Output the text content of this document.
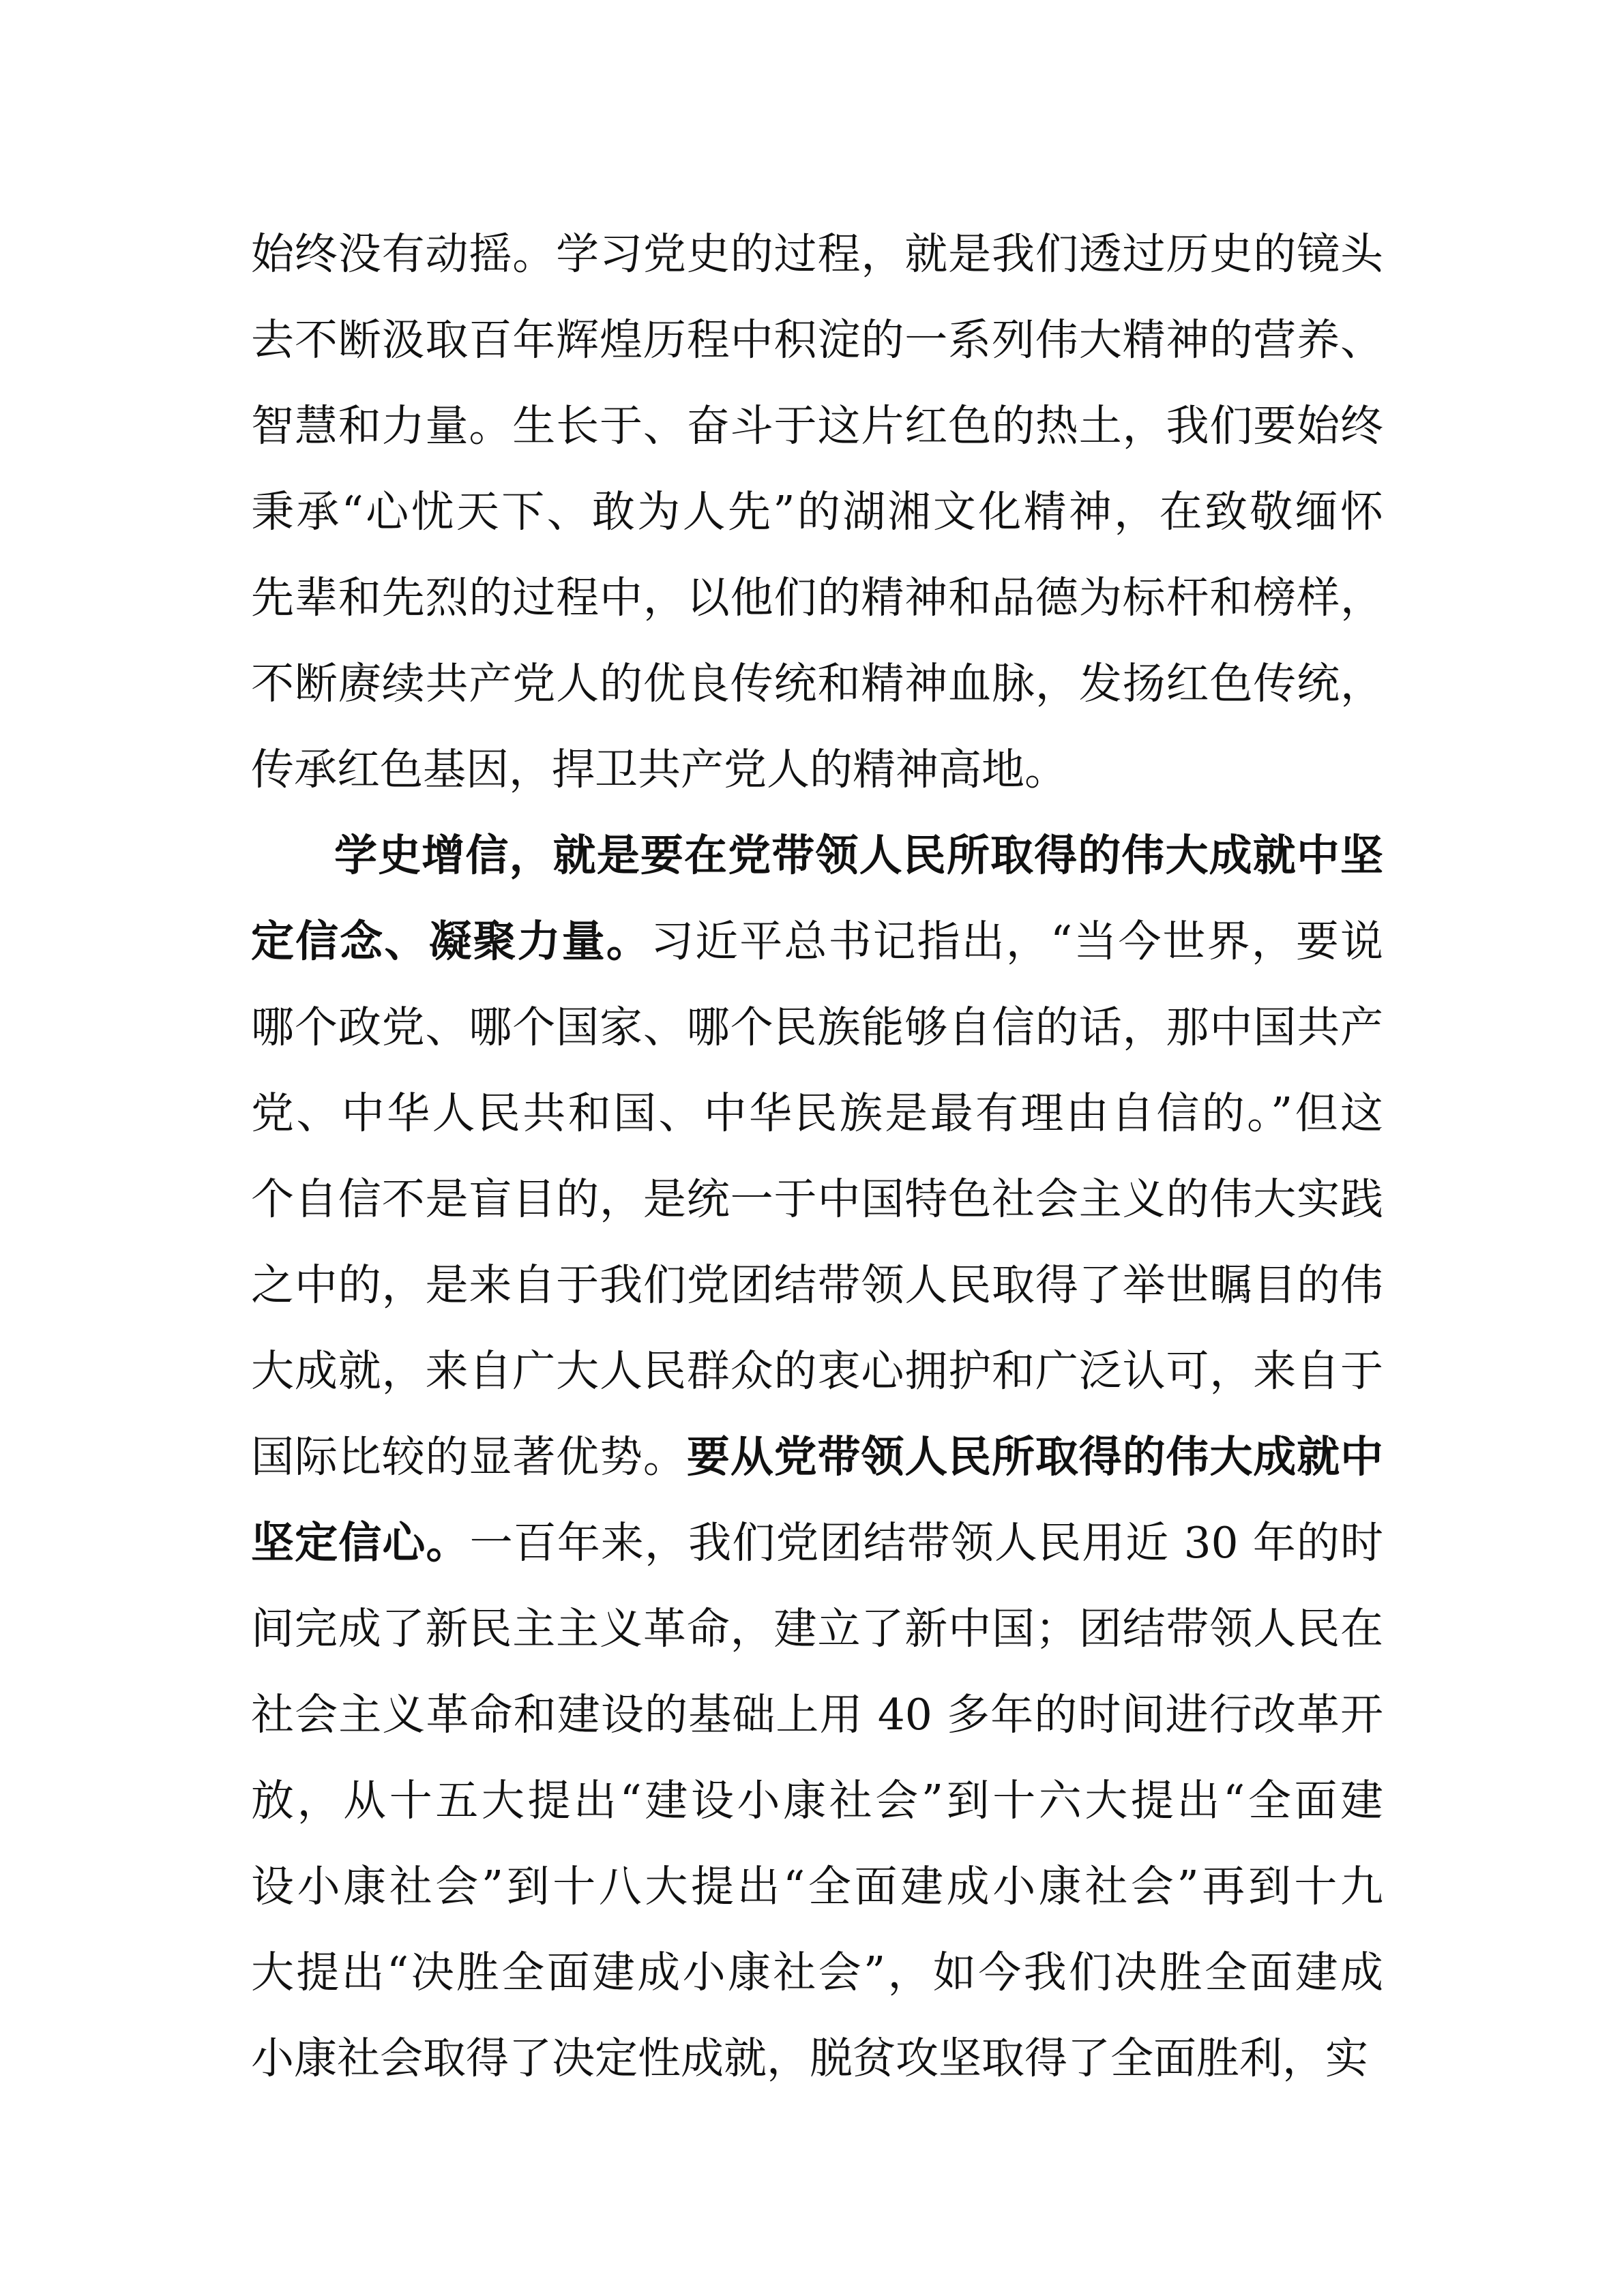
始终没有动摇。学习党史的过程，就是我们透过历史的镜头
去不断汲取百年辉煌历程中积淀的一系列伟大精神的营养、
智慧和力量。生长于、奋斗于这片红色的热土，我们要始终
秉承“心忧天下、敢为人先”的湖湘文化精神，在致敬缅怀
先辈和先烈的过程中，以他们的精神和品德为标杆和榜样，
不断赓续共产党人的优良传统和精神血脉，发扬红色传统，
传承红色基因，捍卫共产党人的精神高地。
学史增信，就是要在党带领人民所取得的伟大成就中坚
定信念、凝聚力量。习近平总书记指出，“当今世界，要说
哪个政党、哪个国家、哪个民族能够自信的话，那中国共产
党、中华人民共和国、中华民族是最有理由自信的。”但这
个自信不是盲目的，是统一于中国特色社会主义的伟大实践
之中的，是来自于我们党团结带领人民取得了举世瞩目的伟
大成就，来自广大人民群众的衷心拥护和广泛认可，来自于
国际比较的显著优势。要从党带领人民所取得的伟大成就中
坚定信心。一百年来，我们党团结带领人民用近 30 年的时
间完成了新民主主义革命，建立了新中国；团结带领人民在
社会主义革命和建设的基础上用 40 多年的时间进行改革开
放，从十五大提出“建设小康社会”到十六大提出“全面建
设小康社会”到十八大提出“全面建成小康社会”再到十九
大提出“决胜全面建成小康社会”，如今我们决胜全面建成
小康社会取得了决定性成就，脱贫攻坚取得了全面胜利，实
